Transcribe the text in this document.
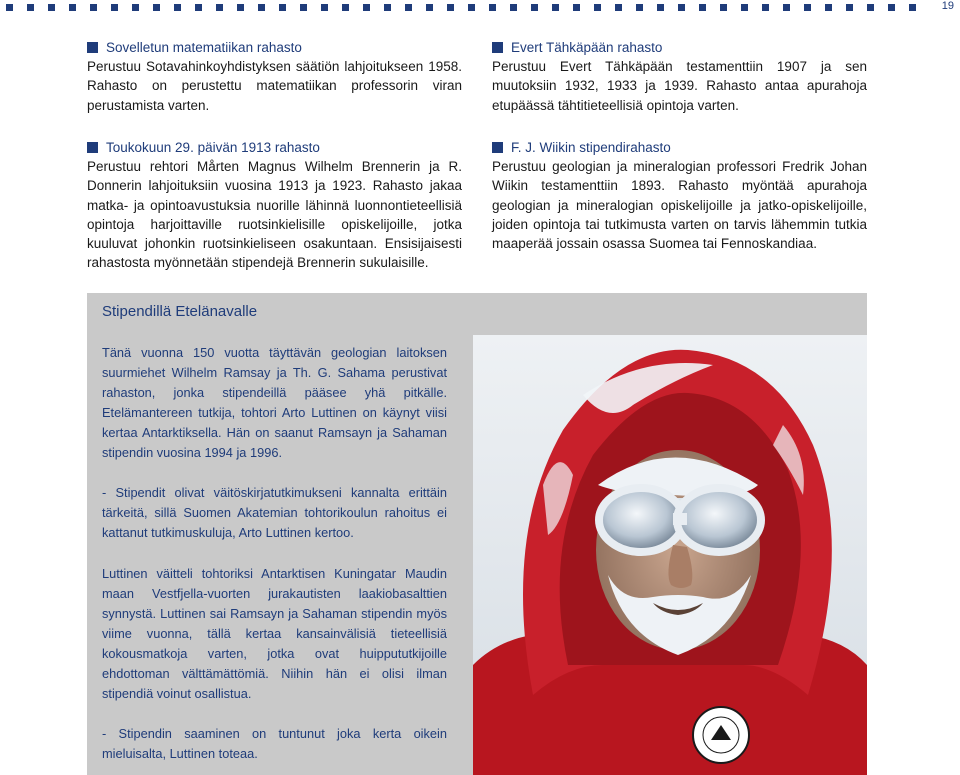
19
Sovelletun matematiikan rahasto

Perustuu Sotavahinkoyhdistyksen säätiön lahjoitukseen 1958. Rahasto on perustettu matematiikan professorin viran perustamista varten.

Toukokuun 29. päivän 1913 rahasto

Perustuu rehtori Mårten Magnus Wilhelm Brennerin ja R. Donnerin lahjoituksiin vuosina 1913 ja 1923. Rahasto jakaa matka- ja opintoavustuksia nuorille lähinnä luonnontieteellisiä opintoja harjoittaville ruotsinkielisille opiskelijoille, jotka kuuluvat johonkin ruotsinkieliseen osakuntaan. Ensisijaisesti rahastosta myönnetään stipendejä Brennerin sukulaisille.

Evert Tähkäpään rahasto

Perustuu Evert Tähkäpään testamenttiin 1907 ja sen muutoksiin 1932, 1933 ja 1939. Rahasto antaa apurahoja etupäässä tähtitieteellisiä opintoja varten.

F. J. Wiikin stipendirahasto

Perustuu geologian ja mineralogian professori Fredrik Johan Wiikin testamenttiin 1893. Rahasto myöntää apurahoja geologian ja mineralogian opiskelijoille ja jatko-opiskelijoille, joiden opintoja tai tutkimusta varten on tarvis lähemmin tutkia maaperää jossain osassa Suomea tai Fennoskandiaa.

Stipendillä Etelänavalle

Tänä vuonna 150 vuotta täyttävän geologian laitoksen suurmiehet Wilhelm Ramsay ja Th. G. Sahama perustivat rahaston, jonka stipendeillä pääsee yhä pitkälle. Etelämantereen tutkija, tohtori Arto Luttinen on käynyt viisi kertaa Antarktiksella. Hän on saanut Ramsayn ja Sahaman stipendin vuosina 1994 ja 1996.

- Stipendit olivat väitöskirjatutkimukseni kannalta erittäin tärkeitä, sillä Suomen Akatemian tohtorikoulun rahoitus ei kattanut tutkimuskuluja, Arto Luttinen kertoo.

Luttinen väitteli tohtoriksi Antarktisen Kuningatar Maudin maan Vestfjella-vuorten jurakautisten laakiobasalttien synnystä. Luttinen sai Ramsayn ja Sahaman stipendin myös viime vuonna, tällä kertaa kansainvälisiä tieteellisiä kokousmatkoja varten, jotka ovat huippututkijoille ehdottoman välttämättömiä. Niihin hän ei olisi ilman stipendiä voinut osallistua.

- Stipendin saaminen on tuntunut joka kerta oikein mieluisalta, Luttinen toteaa.
